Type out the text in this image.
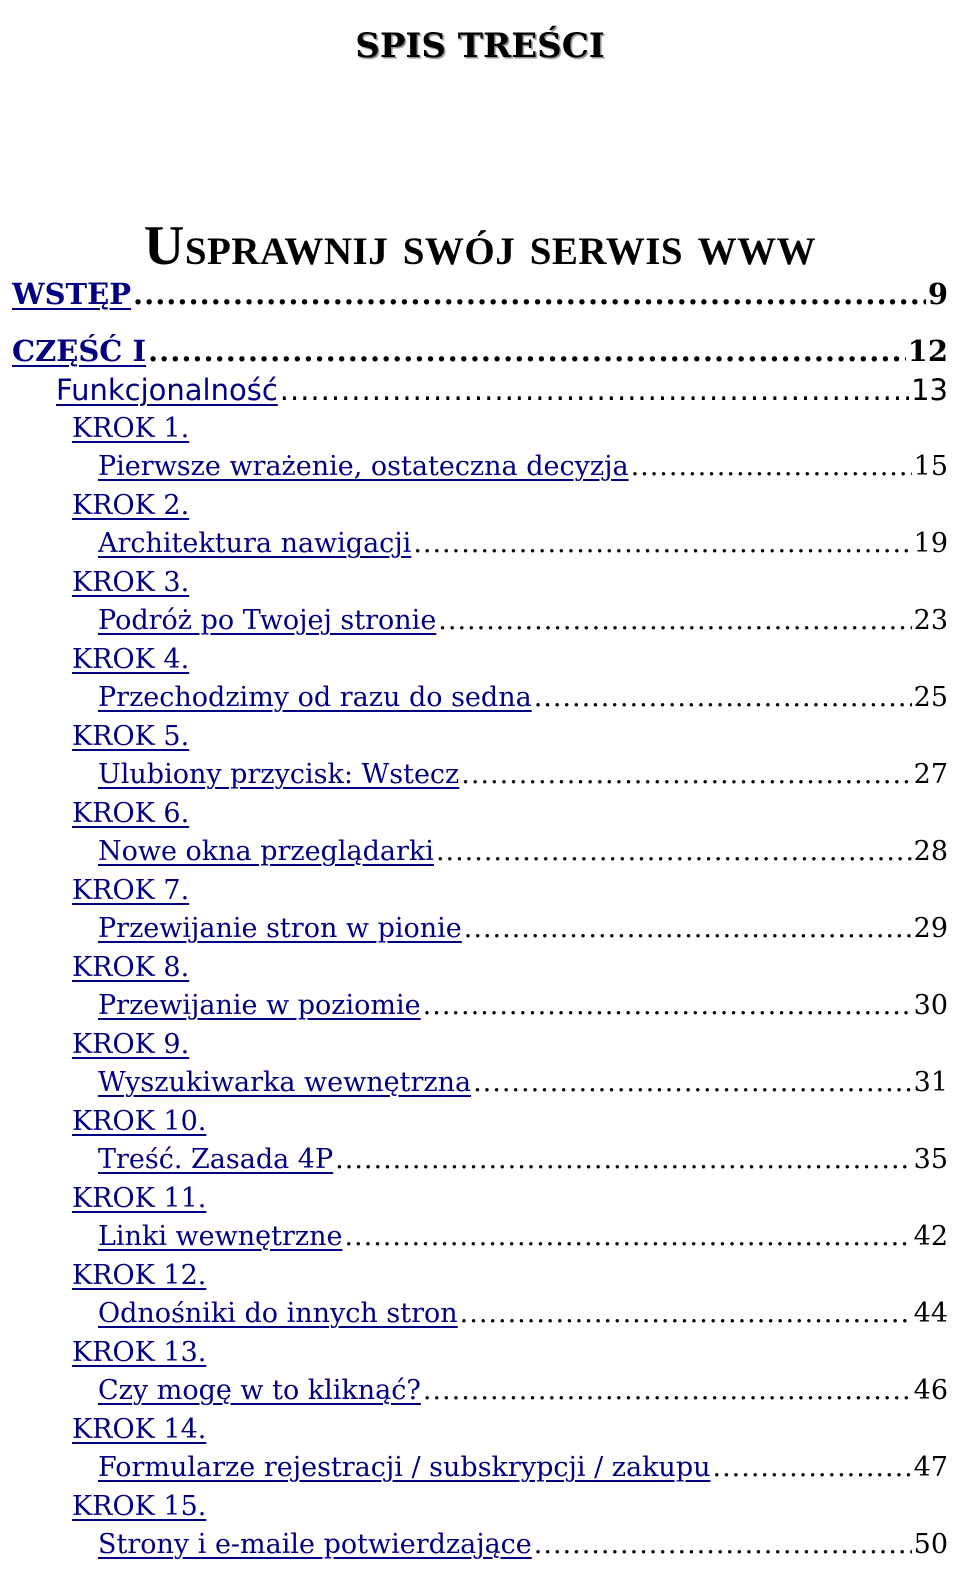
SPIS TREŚCI
Usprawnij swój serwis www
WSTĘP .....	9
CZĘŚĆ I .....	12
Funkcjonalność .....	13
KROK 1.
Pierwsze wrażenie, ostateczna decyzja .....	15
KROK 2.
Architektura nawigacji .....	19
KROK 3.
Podróż po Twojej stronie .....	23
KROK 4.
Przechodzimy od razu do sedna .....	25
KROK 5.
Ulubiony przycisk: Wstecz .....	27
KROK 6.
Nowe okna przeglądarki .....	28
KROK 7.
Przewijanie stron w pionie .....	29
KROK 8.
Przewijanie w poziomie .....	30
KROK 9.
Wyszukiwarka wewnętrzna .....	31
KROK 10.
Treść. Zasada 4P .....	35
KROK 11.
Linki wewnętrzne .....	42
KROK 12.
Odnośniki do innych stron .....	44
KROK 13.
Czy mogę w to kliknąć? .....	46
KROK 14.
Formularze rejestracji / subskrypcji / zakupu .....	47
KROK 15.
Strony i e-maile potwierdzające .....	50
